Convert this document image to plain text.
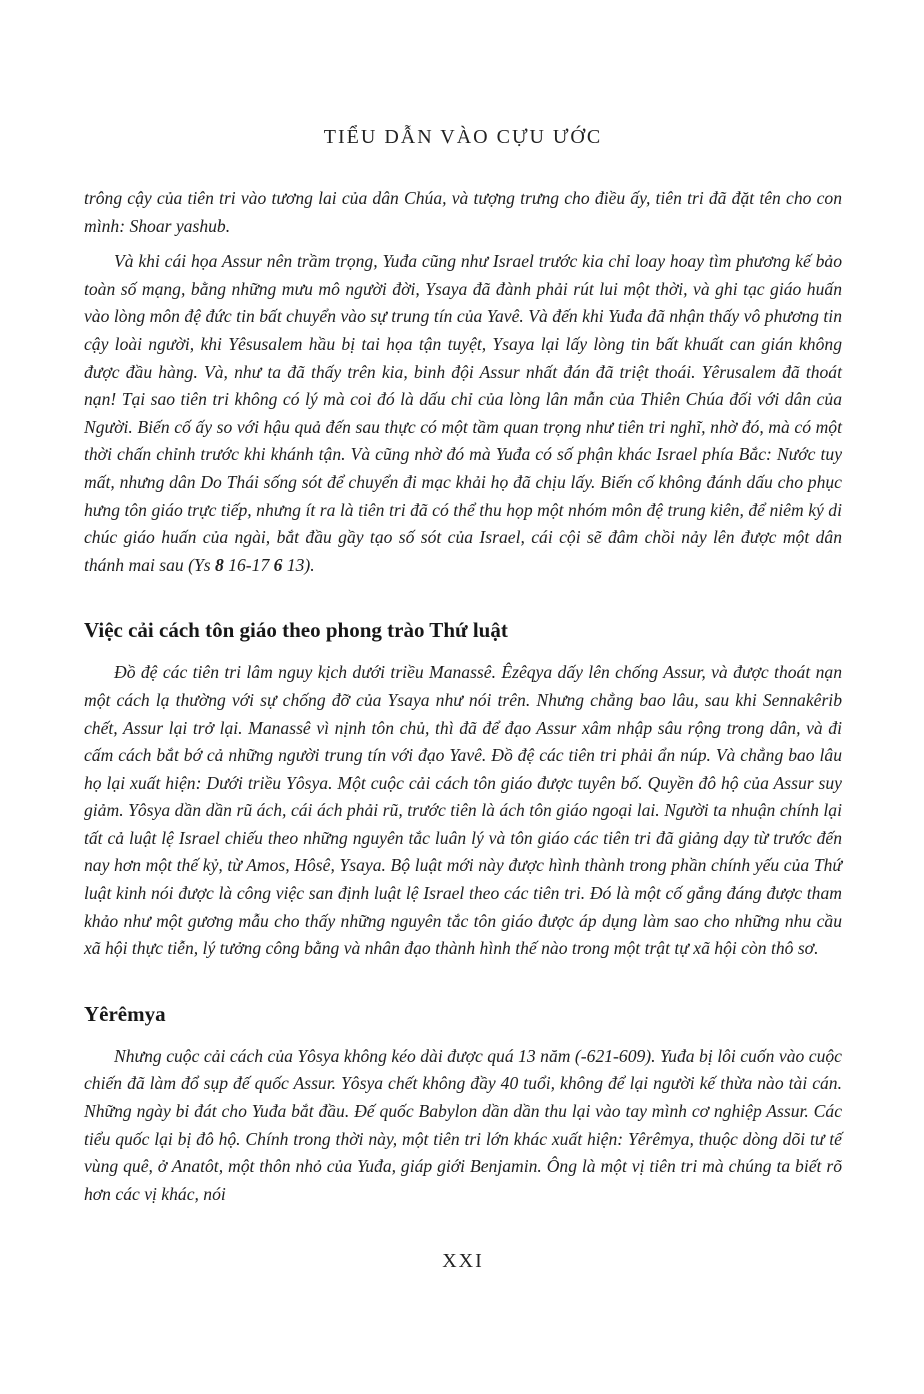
TIỂU DẪN VÀO CỰU ƯỚC

trông cậy của tiên tri vào tương lai của dân Chúa, và tượng trưng cho điều ấy, tiên tri đã đặt tên cho con mình: Shoar yashub.

Và khi cái họa Assur nên trầm trọng, Yuđa cũng như Israel trước kia chỉ loay hoay tìm phương kế bảo toàn số mạng, bằng những mưu mô người đời, Ysaya đã đành phải rút lui một thời, và ghi tạc giáo huấn vào lòng môn đệ đức tin bất chuyển vào sự trung tín của Yavê. Và đến khi Yuđa đã nhận thấy vô phương tin cậy loài người, khi Yêsusalem hầu bị tai họa tận tuyệt, Ysaya lại lấy lòng tin bất khuất can gián không được đầu hàng. Và, như ta đã thấy trên kia, binh đội Assur nhất đán đã triệt thoái. Yêrusalem đã thoát nạn! Tại sao tiên tri không có lý mà coi đó là dấu chỉ của lòng lân mẫn của Thiên Chúa đối với dân của Người. Biến cố ấy so với hậu quả đến sau thực có một tầm quan trọng như tiên tri nghĩ, nhờ đó, mà có một thời chấn chỉnh trước khi khánh tận. Và cũng nhờ đó mà Yuđa có số phận khác Israel phía Bắc: Nước tuy mất, nhưng dân Do Thái sống sót để chuyển đi mạc khải họ đã chịu lấy. Biến cố không đánh dấu cho phục hưng tôn giáo trực tiếp, nhưng ít ra là tiên tri đã có thể thu họp một nhóm môn đệ trung kiên, để niêm ký di chúc giáo huấn của ngài, bắt đầu gầy tạo số sót của Israel, cái cội sẽ đâm chồi nảy lên được một dân thánh mai sau (Ys 8 16-17 6 13).

Việc cải cách tôn giáo theo phong trào Thứ luật

Đồ đệ các tiên tri lâm nguy kịch dưới triều Manassê. Êzêqya dấy lên chống Assur, và được thoát nạn một cách lạ thường với sự chống đỡ của Ysaya như nói trên. Nhưng chẳng bao lâu, sau khi Sennakêrib chết, Assur lại trở lại. Manassê vì nịnh tôn chủ, thì đã để đạo Assur xâm nhập sâu rộng trong dân, và đi cấm cách bắt bớ cả những người trung tín với đạo Yavê. Đồ đệ các tiên tri phải ẩn núp. Và chẳng bao lâu họ lại xuất hiện: Dưới triều Yôsya. Một cuộc cải cách tôn giáo được tuyên bố. Quyền đô hộ của Assur suy giảm. Yôsya dần dần rũ ách, cái ách phải rũ, trước tiên là ách tôn giáo ngoại lai. Người ta nhuận chính lại tất cả luật lệ Israel chiếu theo những nguyên tắc luân lý và tôn giáo các tiên tri đã giảng dạy từ trước đến nay hơn một thế kỷ, từ Amos, Hôsê, Ysaya. Bộ luật mới này được hình thành trong phần chính yếu của Thứ luật kinh nói được là công việc san định luật lệ Israel theo các tiên tri. Đó là một cố gắng đáng được tham khảo như một gương mẫu cho thấy những nguyên tắc tôn giáo được áp dụng làm sao cho những nhu cầu xã hội thực tiễn, lý tưởng công bằng và nhân đạo thành hình thế nào trong một trật tự xã hội còn thô sơ.

Yêrêmya

Nhưng cuộc cải cách của Yôsya không kéo dài được quá 13 năm (-621-609). Yuđa bị lôi cuốn vào cuộc chiến đã làm đổ sụp đế quốc Assur. Yôsya chết không đầy 40 tuổi, không để lại người kế thừa nào tài cán. Những ngày bi đát cho Yuđa bắt đầu. Đế quốc Babylon dần dần thu lại vào tay mình cơ nghiệp Assur. Các tiểu quốc lại bị đô hộ. Chính trong thời này, một tiên tri lớn khác xuất hiện: Yêrêmya, thuộc dòng dõi tư tế vùng quê, ở Anatôt, một thôn nhỏ của Yuđa, giáp giới Benjamin. Ông là một vị tiên tri mà chúng ta biết rõ hơn các vị khác, nói

XXI
